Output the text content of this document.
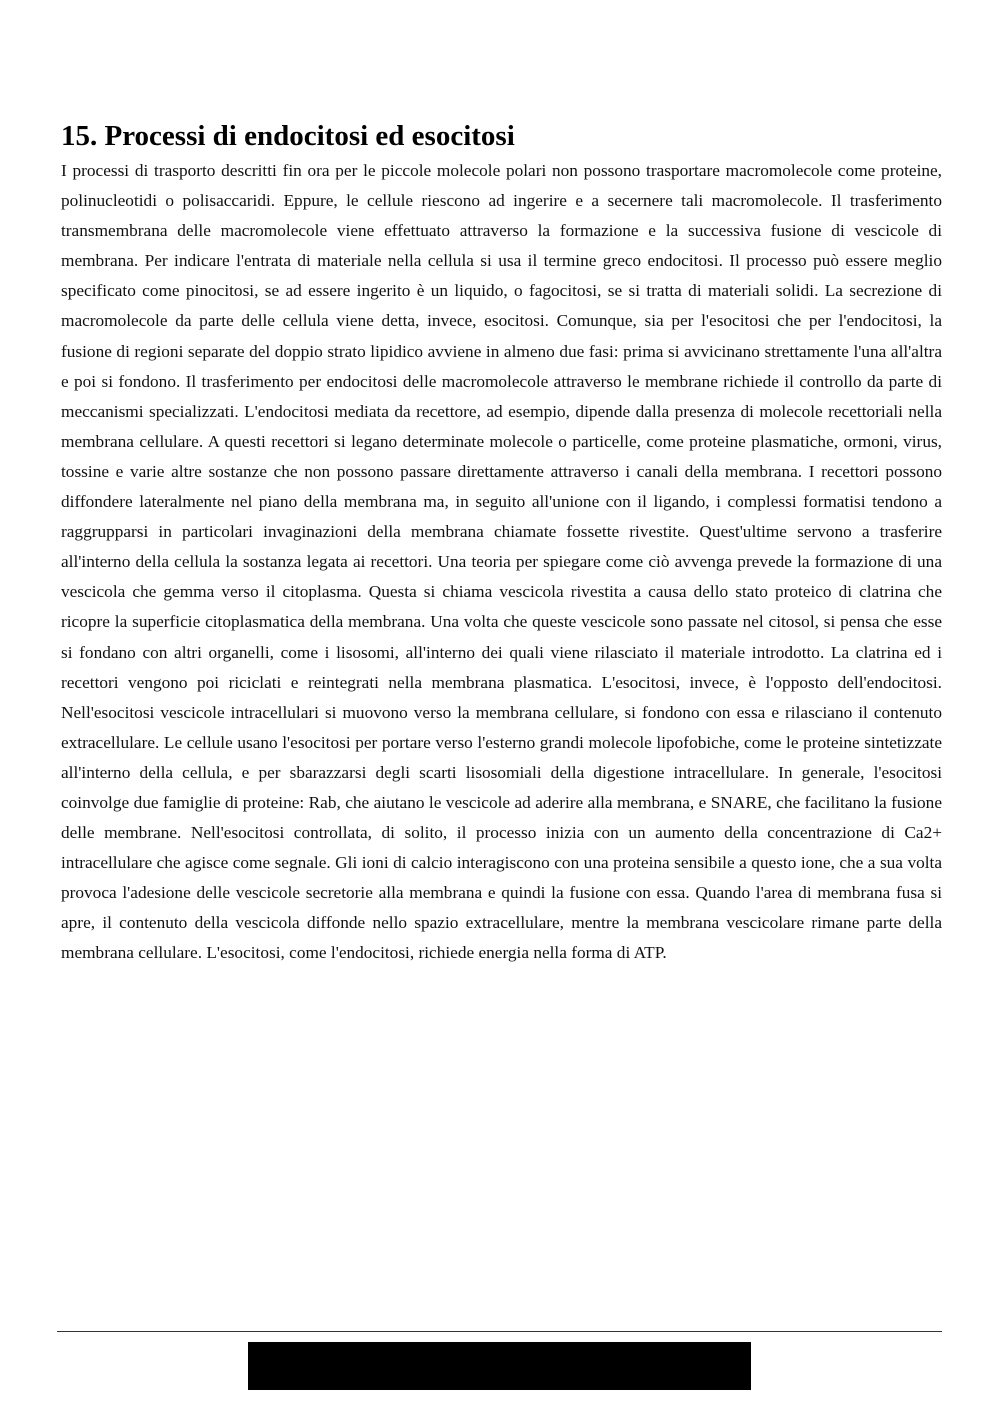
15. Processi di endocitosi ed esocitosi

I processi di trasporto descritti fin ora per le piccole molecole polari non possono trasportare macromolecole come proteine, polinucleotidi o polisaccaridi. Eppure, le cellule riescono ad ingerire e a secernere tali macromolecole. Il trasferimento transmembrana delle macromolecole viene effettuato attraverso la formazione e la successiva fusione di vescicole di membrana. Per indicare l'entrata di materiale nella cellula si usa il termine greco endocitosi. Il processo può essere meglio specificato come pinocitosi, se ad essere ingerito è un liquido, o fagocitosi, se si tratta di materiali solidi. La secrezione di macromolecole da parte delle cellula viene detta, invece, esocitosi. Comunque, sia per l'esocitosi che per l'endocitosi, la fusione di regioni separate del doppio strato lipidico avviene in almeno due fasi: prima si avvicinano strettamente l'una all'altra e poi si fondono. Il trasferimento per endocitosi delle macromolecole attraverso le membrane richiede il controllo da parte di meccanismi specializzati. L'endocitosi mediata da recettore, ad esempio, dipende dalla presenza di molecole recettoriali nella membrana cellulare. A questi recettori si legano determinate molecole o particelle, come proteine plasmatiche, ormoni, virus, tossine e varie altre sostanze che non possono passare direttamente attraverso i canali della membrana. I recettori possono diffondere lateralmente nel piano della membrana ma, in seguito all'unione con il ligando, i complessi formatisi tendono a raggrupparsi in particolari invaginazioni della membrana chiamate fossette rivestite. Quest'ultime servono a trasferire all'interno della cellula la sostanza legata ai recettori. Una teoria per spiegare come ciò avvenga prevede la formazione di una vescicola che gemma verso il citoplasma. Questa si chiama vescicola rivestita a causa dello stato proteico di clatrina che ricopre la superficie citoplasmatica della membrana. Una volta che queste vescicole sono passate nel citosol, si pensa che esse si fondano con altri organelli, come i lisosomi, all'interno dei quali viene rilasciato il materiale introdotto. La clatrina ed i recettori vengono poi riciclati e reintegrati nella membrana plasmatica. L'esocitosi, invece, è l'opposto dell'endocitosi. Nell'esocitosi vescicole intracellulari si muovono verso la membrana cellulare, si fondono con essa e rilasciano il contenuto extracellulare. Le cellule usano l'esocitosi per portare verso l'esterno grandi molecole lipofobiche, come le proteine sintetizzate all'interno della cellula, e per sbarazzarsi degli scarti lisosomiali della digestione intracellulare. In generale, l'esocitosi coinvolge due famiglie di proteine: Rab, che aiutano le vescicole ad aderire alla membrana, e SNARE, che facilitano la fusione delle membrane. Nell'esocitosi controllata, di solito, il processo inizia con un aumento della concentrazione di Ca2+ intracellulare che agisce come segnale. Gli ioni di calcio interagiscono con una proteina sensibile a questo ione, che a sua volta provoca l'adesione delle vescicole secretorie alla membrana e quindi la fusione con essa. Quando l'area di membrana fusa si apre, il contenuto della vescicola diffonde nello spazio extracellulare, mentre la membrana vescicolare rimane parte della membrana cellulare. L'esocitosi, come l'endocitosi, richiede energia nella forma di ATP.
